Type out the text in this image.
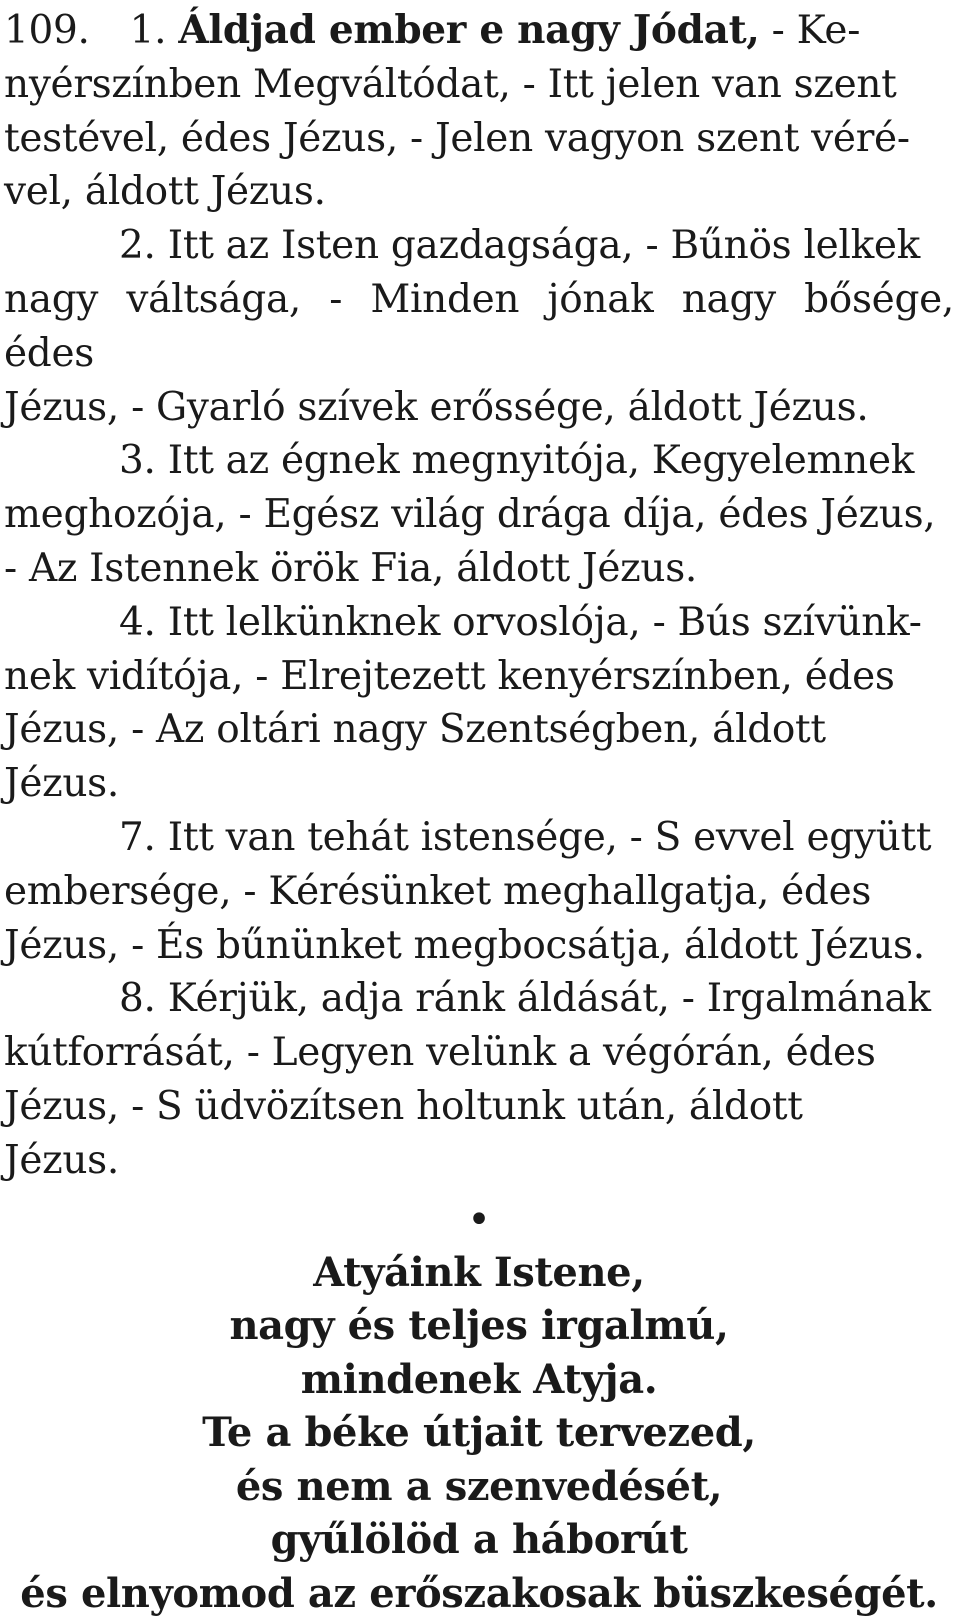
109. 1. Áldjad ember e nagy Jódat, - Ke-
nyérszínben Megváltódat, - Itt jelen van szent
testével, édes Jézus, - Jelen vagyon szent véré-
vel, áldott Jézus.

2. Itt az Isten gazdagsága, - Bűnös lelkek
nagy váltsága, - Minden jónak nagy bősége, édes
Jézus, - Gyarló szívek erőssége, áldott Jézus.

3. Itt az égnek megnyitója, Kegyelemnek
meghozója, - Egész világ drága díja, édes Jézus,
- Az Istennek örök Fia, áldott Jézus.

4. Itt lelkünknek orvoslója, - Bús szívünk-
nek vidítója, - Elrejtezett kenyérszínben, édes
Jézus, - Az oltári nagy Szentségben, áldott
Jézus.

7. Itt van tehát istensége, - S evvel együtt
embersége, - Kérésünket meghallgatja, édes
Jézus, - És bűnünket megbocsátja, áldott Jézus.

8. Kérjük, adja ránk áldását, - Irgalmának
kútforrását, - Legyen velünk a végórán, édes
Jézus, - S üdvözítsen holtunk után, áldott
Jézus.

•
Atyáink Istene,
nagy és teljes irgalmú,
mindenek Atyja.
Te a béke útjait tervezed,
és nem a szenvedését,
gyűlölöd a háborút
és elnyomod az erőszakosak büszkeségét.
